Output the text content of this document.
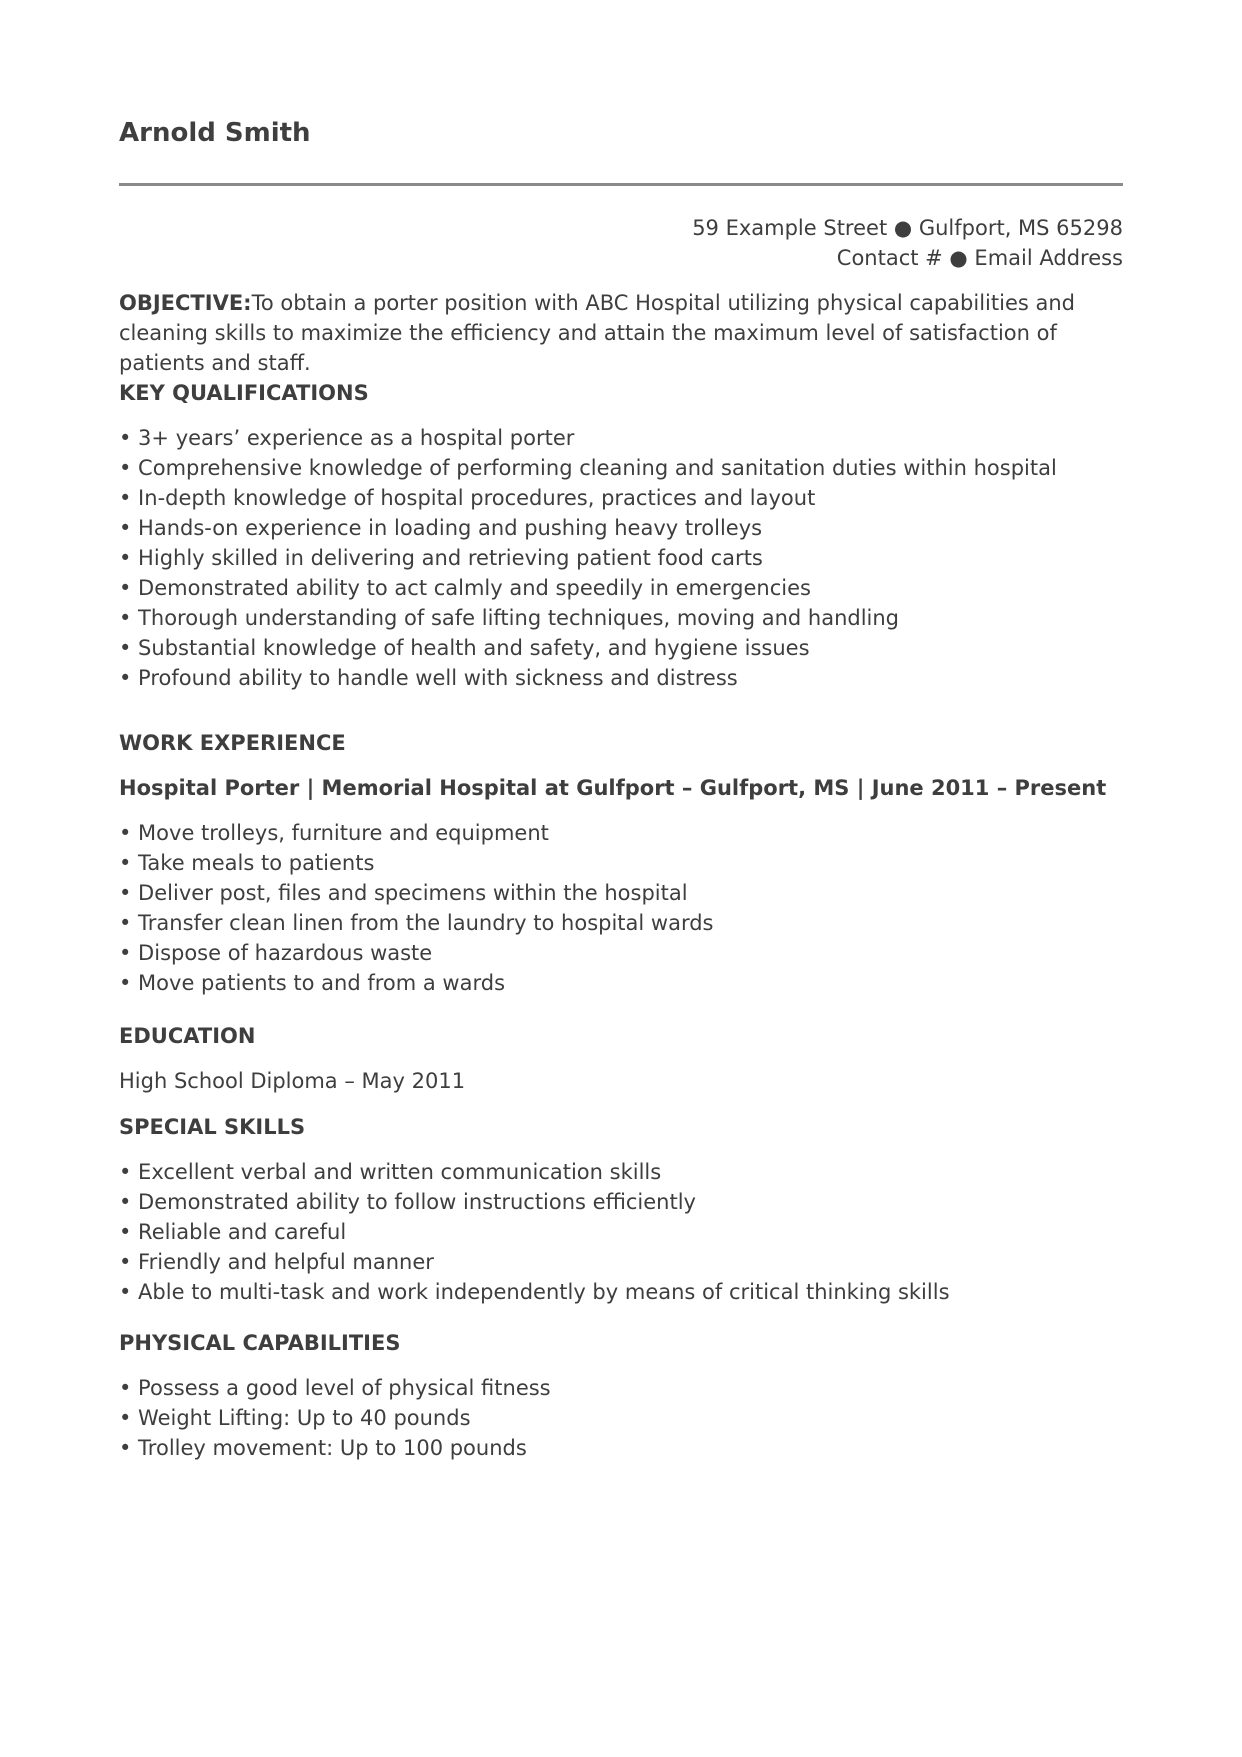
Arnold Smith
59 Example Street ● Gulfport, MS 65298
Contact # ● Email Address

OBJECTIVE:To obtain a porter position with ABC Hospital utilizing physical capabilities and cleaning skills to maximize the efficiency and attain the maximum level of satisfaction of patients and staff.

KEY QUALIFICATIONS
• 3+ years’ experience as a hospital porter
• Comprehensive knowledge of performing cleaning and sanitation duties within hospital
• In-depth knowledge of hospital procedures, practices and layout
• Hands-on experience in loading and pushing heavy trolleys
• Highly skilled in delivering and retrieving patient food carts
• Demonstrated ability to act calmly and speedily in emergencies
• Thorough understanding of safe lifting techniques, moving and handling
• Substantial knowledge of health and safety, and hygiene issues
• Profound ability to handle well with sickness and distress
WORK EXPERIENCE
Hospital Porter | Memorial Hospital at Gulfport – Gulfport, MS | June 2011 – Present
• Move trolleys, furniture and equipment
• Take meals to patients
• Deliver post, files and specimens within the hospital
• Transfer clean linen from the laundry to hospital wards
• Dispose of hazardous waste
• Move patients to and from a wards
EDUCATION

High School Diploma – May 2011

SPECIAL SKILLS
• Excellent verbal and written communication skills
• Demonstrated ability to follow instructions efficiently
• Reliable and careful
• Friendly and helpful manner
• Able to multi-task and work independently by means of critical thinking skills
PHYSICAL CAPABILITIES
• Possess a good level of physical fitness
• Weight Lifting: Up to 40 pounds
• Trolley movement: Up to 100 pounds
